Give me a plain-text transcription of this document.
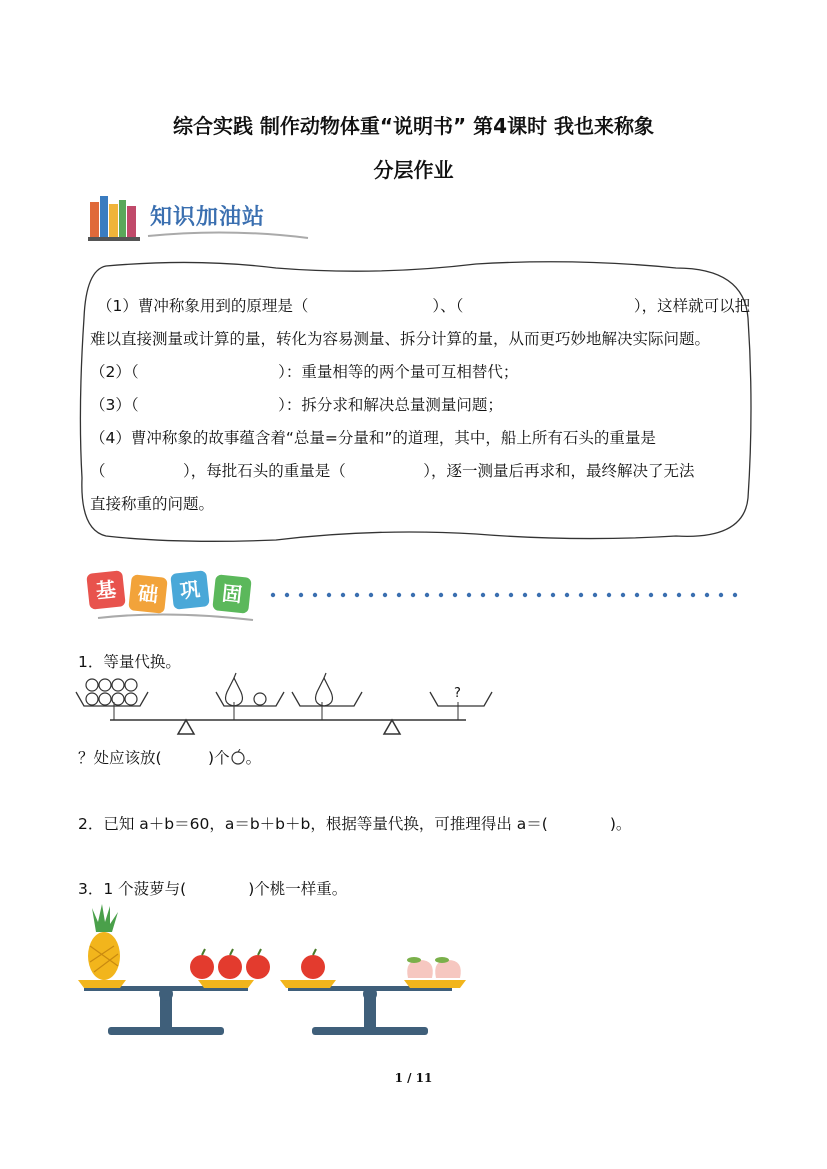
综合实践 制作动物体重“说明书” 第4课时 我也来称象
分层作业
知识加油站
（1）曹冲称象用到的原理是（　　　　　　　　）、（　　　　　　　　　　　），这样就可以把
难以直接测量或计算的量，转化为容易测量、拆分计算的量，从而更巧妙地解决实际问题。
（2）（　　　　　　　　　）：重量相等的两个量可互相替代；
（3）（　　　　　　　　　）：拆分求和解决总量测量问题；
（4）曹冲称象的故事蕴含着“总量=分量和”的道理，其中，船上所有石头的重量是
（　　　　　），每批石头的重量是（　　　　　），逐一测量后再求和，最终解决了无法
直接称重的问题。
基 础 巩 固
1．等量代换。
?
？处应该放(　　　)个 。
2．已知 a＋b＝60，a＝b＋b＋b，根据等量代换，可推理得出 a＝(　　　　)。
3．1 个菠萝与(　　　　)个桃一样重。
1 / 11
